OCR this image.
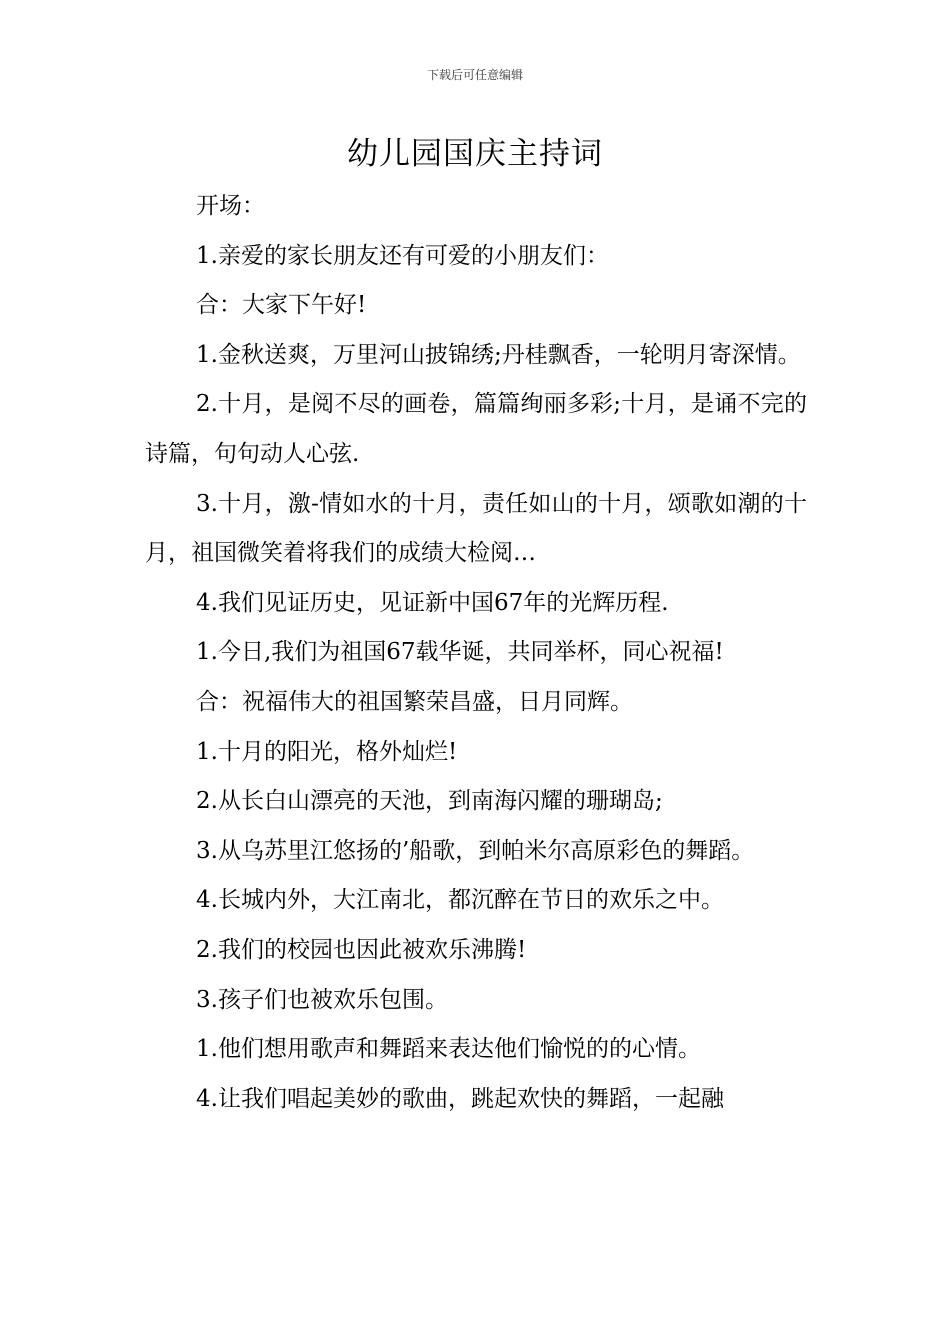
下载后可任意编辑
幼儿园国庆主持词

开场：

1.亲爱的家长朋友还有可爱的小朋友们：

合：大家下午好!

1.金秋送爽，万里河山披锦绣;丹桂飘香，一轮明月寄深情。

2.十月，是阅不尽的画卷，篇篇绚丽多彩;十月，是诵不完的诗篇，句句动人心弦.

3.十月，激-情如水的十月，责任如山的十月，颂歌如潮的十月，祖国微笑着将我们的成绩大检阅…

4.我们见证历史，见证新中国67年的光辉历程.

1.今日,我们为祖国67载华诞，共同举杯，同心祝福!

合：祝福伟大的祖国繁荣昌盛，日月同辉。

1.十月的阳光，格外灿烂!

2.从长白山漂亮的天池，到南海闪耀的珊瑚岛;

3.从乌苏里江悠扬的’船歌，到帕米尔高原彩色的舞蹈。

4.长城内外，大江南北，都沉醉在节日的欢乐之中。

2.我们的校园也因此被欢乐沸腾!

3.孩子们也被欢乐包围。

1.他们想用歌声和舞蹈来表达他们愉悦的的心情。

4.让我们唱起美妙的歌曲，跳起欢快的舞蹈，一起融
